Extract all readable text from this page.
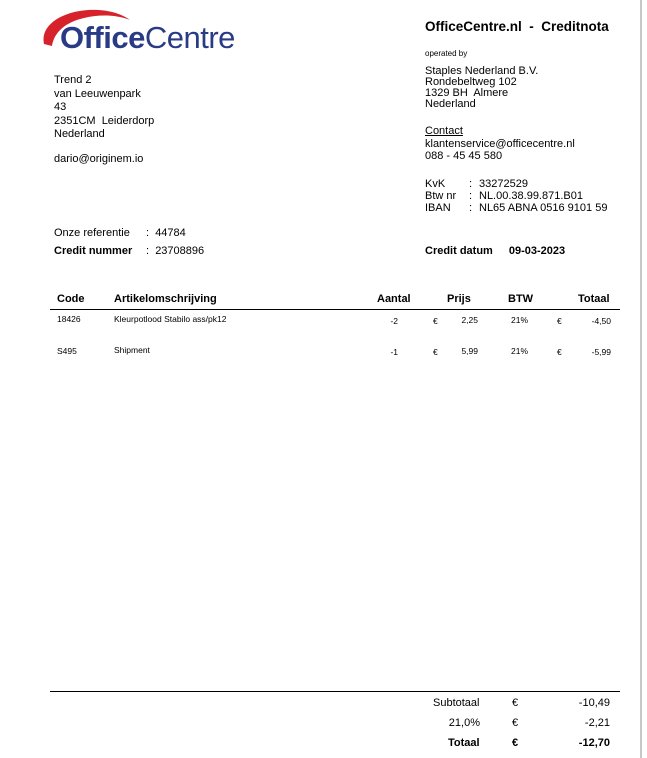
OfficeCentre
Trend 2
van Leeuwenpark
43
2351CM  Leiderdorp
Nederland
dario@originem.io
OfficeCentre.nl  -  Creditnota
operated by
Staples Nederland B.V.
Rondebeltweg 102
1329 BH  Almere
Nederland
Contact
klantenservice@officecentre.nl
088 - 45 45 580
KvK : 33272529
Btw nr : NL.00.38.99.871.B01
IBAN : NL65 ABNA 0516 9101 59
Onze referentie : 44784
Credit nummer : 23708896	Credit datum 09-03-2023
Code	Artikelomschrijving	Aantal	Prijs	BTW	Totaal
18426	Kleurpotlood Stabilo ass/pk12	-2	€	2,25	21%	€	-4,50
S495	Shipment	-1	€	5,99	21%	€	-5,99
Subtotaal	€	-10,49
21,0%	€	-2,21
Totaal	€	-12,70
